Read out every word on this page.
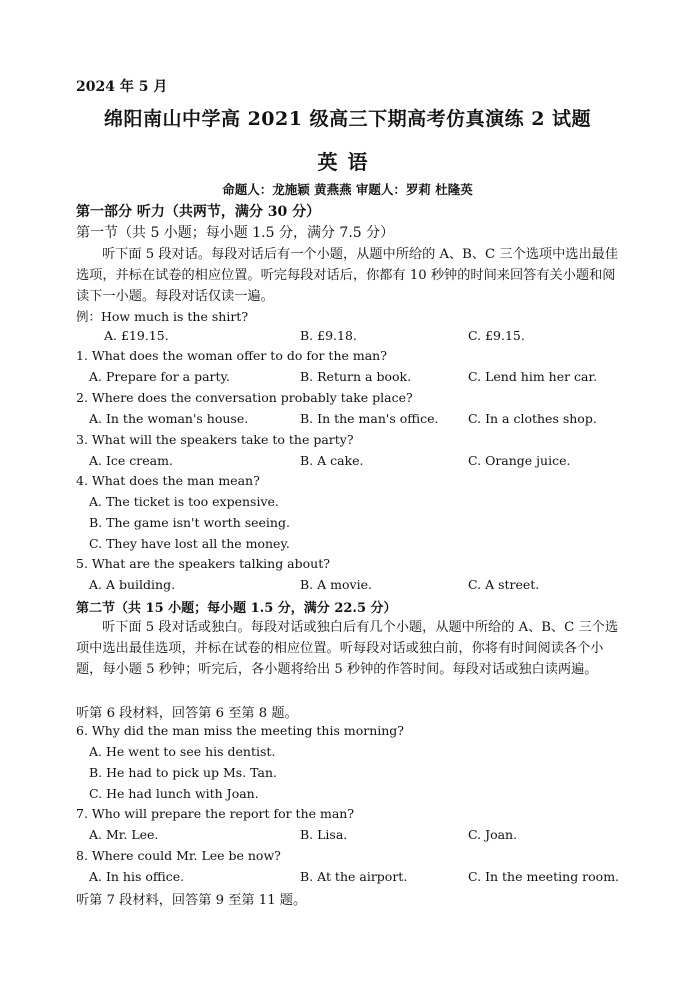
2024 年 5 月
绵阳南山中学高 2021 级高三下期高考仿真演练 2 试题
英语
命题人：龙施颖 黄燕燕 审题人：罗莉 杜隆英
第一部分 听力（共两节，满分 30 分）
第一节（共 5 小题；每小题 1.5 分，满分 7.5 分）
听下面 5 段对话。每段对话后有一个小题，从题中所给的 A、B、C 三个选项中选出最佳选项，并标在试卷的相应位置。听完每段对话后，你都有 10 秒钟的时间来回答有关小题和阅读下一小题。每段对话仅读一遍。
例：How much is the shirt?
A. £19.15.	B. £9.18.	C. £9.15.
1. What does the woman offer to do for the man?
A. Prepare for a party.	B. Return a book.	C. Lend him her car.
2. Where does the conversation probably take place?
A. In the woman's house.	B. In the man's office. C. In a clothes shop.
3. What will the speakers take to the party?
A. Ice cream.	B. A cake.	C. Orange juice.
4. What does the man mean?
A. The ticket is too expensive.
B. The game isn't worth seeing.
C. They have lost all the money.
5. What are the speakers talking about?
A. A building.	B. A movie.	C. A street.
第二节（共 15 小题；每小题 1.5 分，满分 22.5 分）
听下面 5 段对话或独白。每段对话或独白后有几个小题，从题中所给的 A、B、C 三个选项中选出最佳选项，并标在试卷的相应位置。听每段对话或独白前，你将有时间阅读各个小题，每小题 5 秒钟；听完后，各小题将给出 5 秒钟的作答时间。每段对话或独白读两遍。
听第 6 段材料，回答第 6 至第 8 题。
6. Why did the man miss the meeting this morning?
A. He went to see his dentist.
B. He had to pick up Ms. Tan.
C. He had lunch with Joan.
7. Who will prepare the report for the man?
A. Mr. Lee.	B. Lisa.	C. Joan.
8. Where could Mr. Lee be now?
A. In his office.	B. At the airport.	C. In the meeting room.
听第 7 段材料，回答第 9 至第 11 题。
